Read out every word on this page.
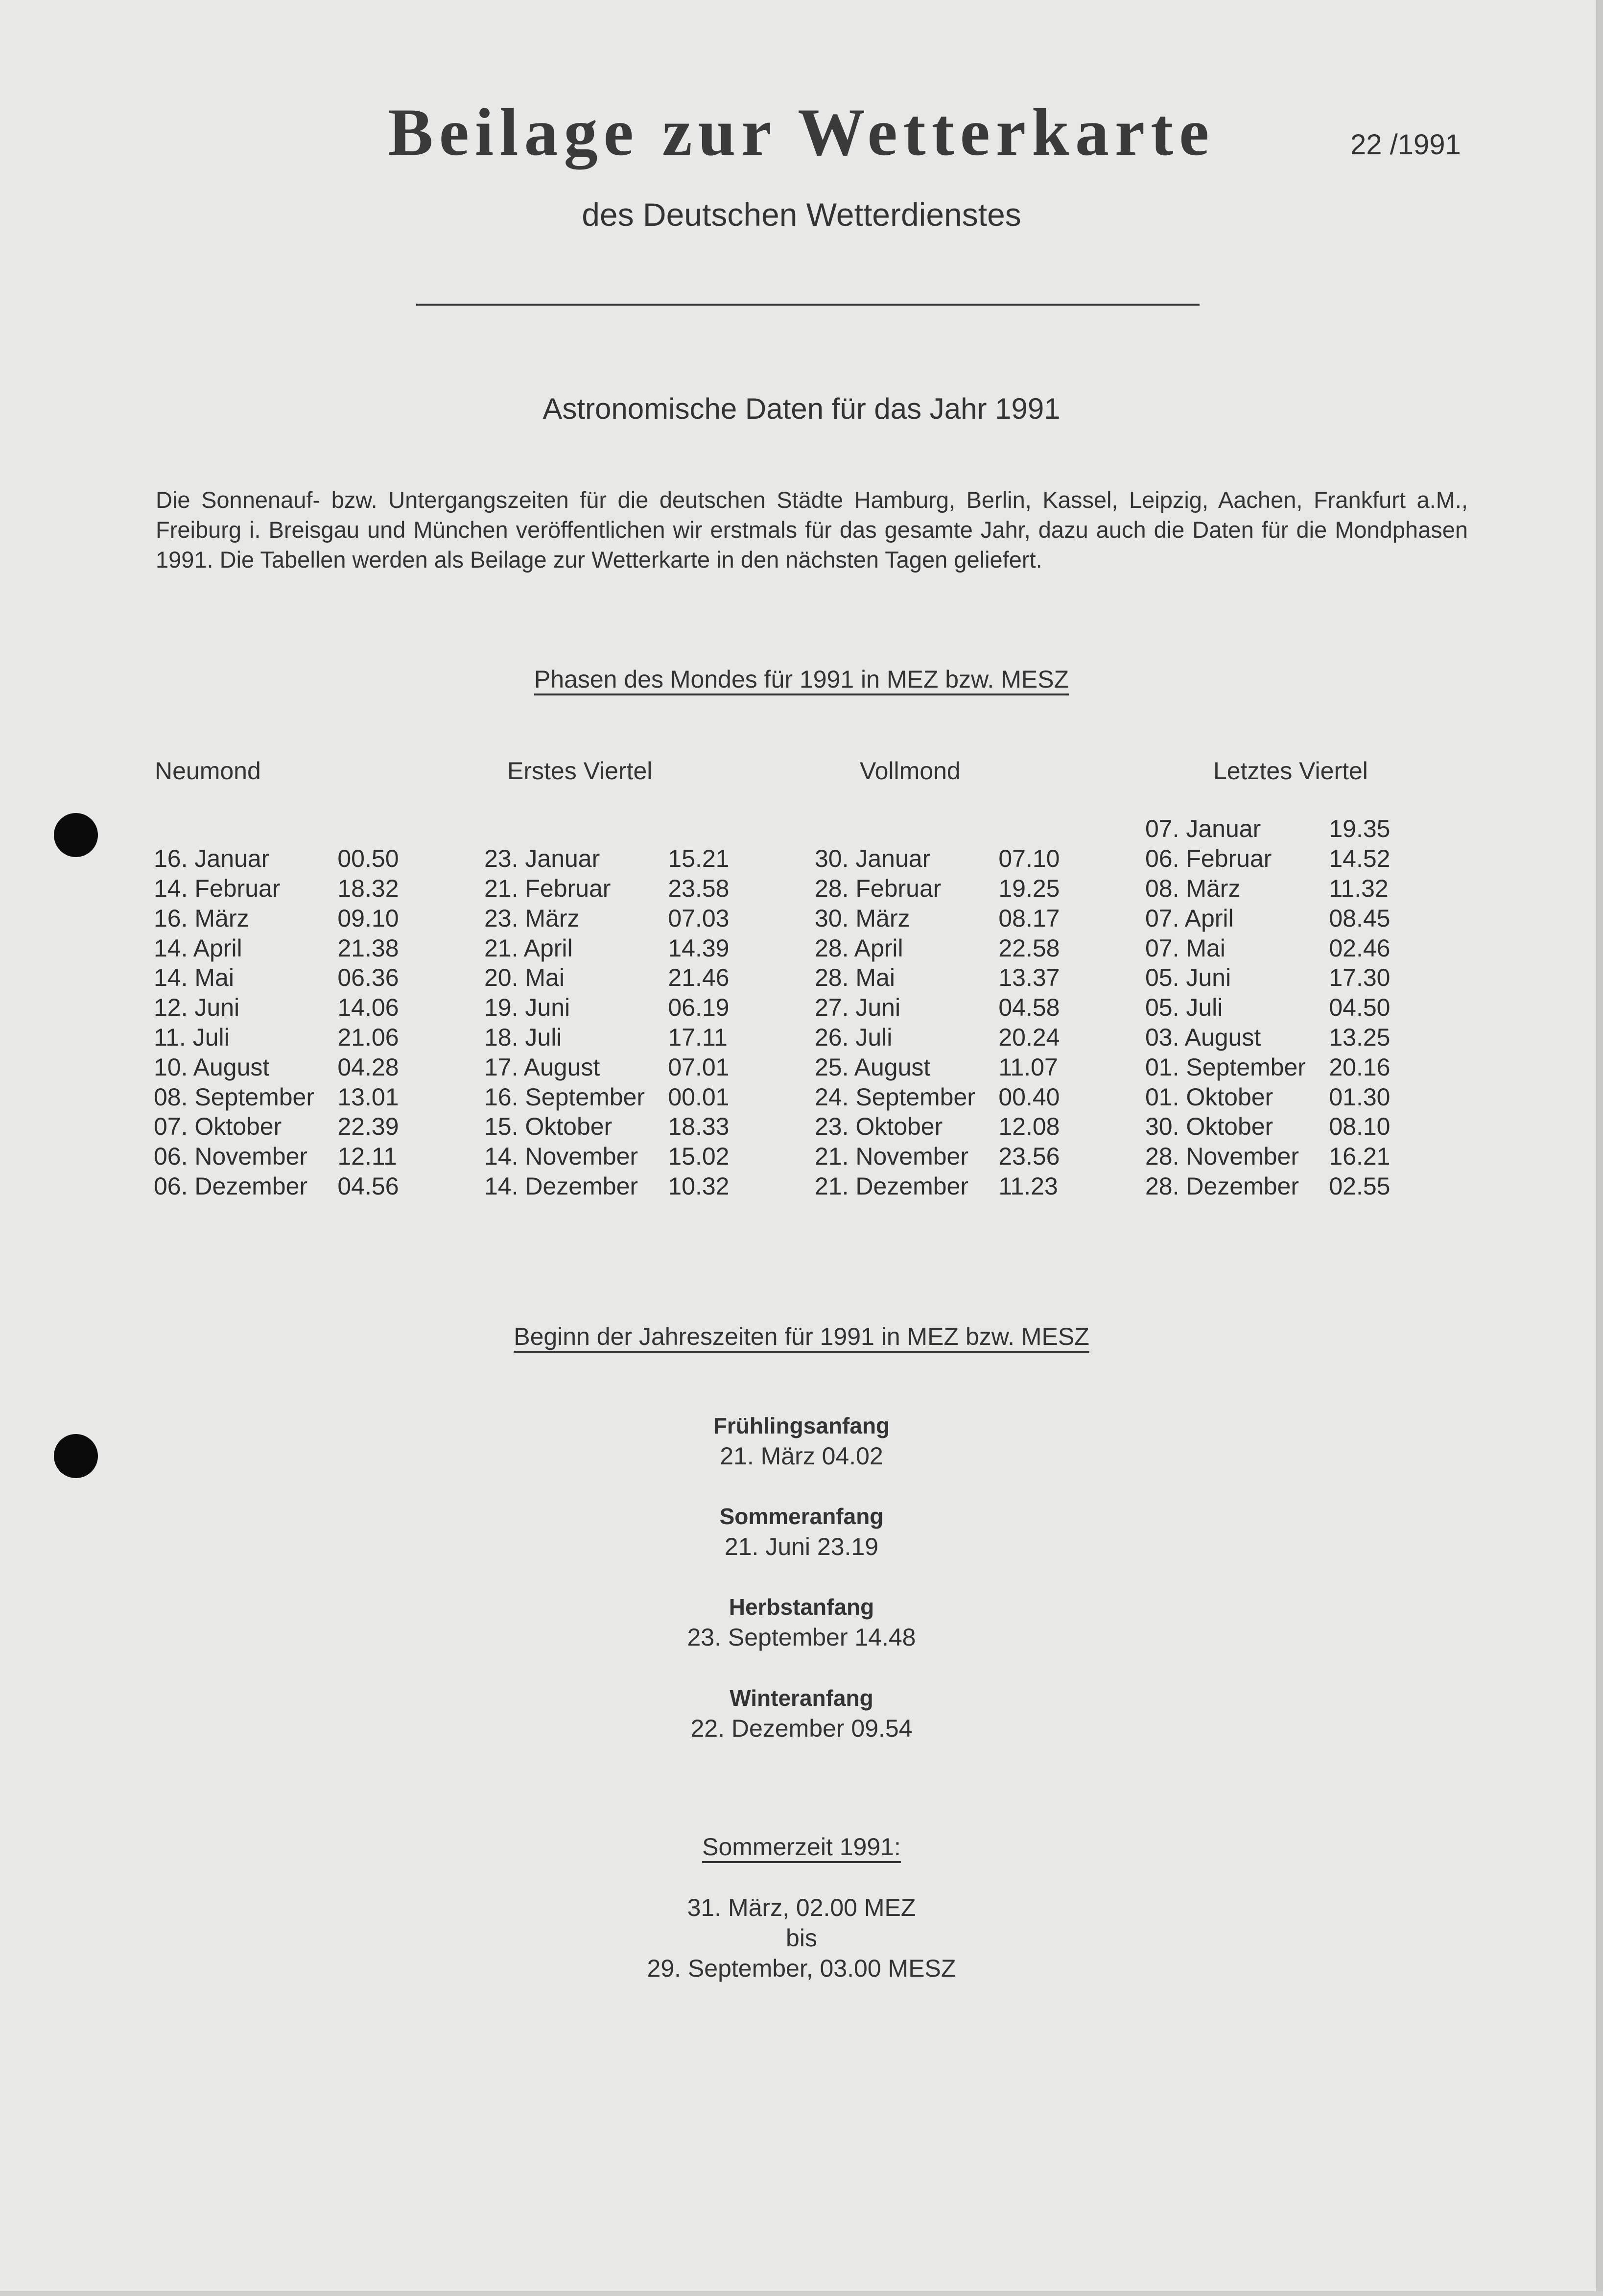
Beilage zur Wetterkarte	22 /1991
des Deutschen Wetterdienstes
Astronomische Daten für das Jahr 1991
Die Sonnenauf- bzw. Untergangszeiten für die deutschen Städte Hamburg, Berlin, Kassel, Leipzig, Aachen, Frankfurt a.M., Freiburg i. Breisgau und München veröffentlichen wir erstmals für das gesamte Jahr, dazu auch die Daten für die Mondphasen 1991. Die Tabellen werden als Beilage zur Wetterkarte in den nächsten Tagen geliefert.
Phasen des Mondes für 1991 in MEZ bzw. MESZ
Neumond	Erstes Viertel	Vollmond	Letztes Viertel
						07. Januar	19.35
16. Januar	00.50	23. Januar	15.21	30. Januar	07.10	06. Februar	14.52
14. Februar	18.32	21. Februar	23.58	28. Februar	19.25	08. März	11.32
16. März	09.10	23. März	07.03	30. März	08.17	07. April	08.45
14. April	21.38	21. April	14.39	28. April	22.58	07. Mai	02.46
14. Mai	06.36	20. Mai	21.46	28. Mai	13.37	05. Juni	17.30
12. Juni	14.06	19. Juni	06.19	27. Juni	04.58	05. Juli	04.50
11. Juli	21.06	18. Juli	17.11	26. Juli	20.24	03. August	13.25
10. August	04.28	17. August	07.01	25. August	11.07	01. September	20.16
08. September	13.01	16. September	00.01	24. September	00.40	01. Oktober	01.30
07. Oktober	22.39	15. Oktober	18.33	23. Oktober	12.08	30. Oktober	08.10
06. November	12.11	14. November	15.02	21. November	23.56	28. November	16.21
06. Dezember	04.56	14. Dezember	10.32	21. Dezember	11.23	28. Dezember	02.55
Beginn der Jahreszeiten für 1991 in MEZ bzw. MESZ
Frühlingsanfang
21. März 04.02
Sommeranfang
21. Juni 23.19
Herbstanfang
23. September 14.48
Winteranfang
22. Dezember 09.54
Sommerzeit 1991:
31. März, 02.00 MEZ
bis
29. September, 03.00 MESZ
